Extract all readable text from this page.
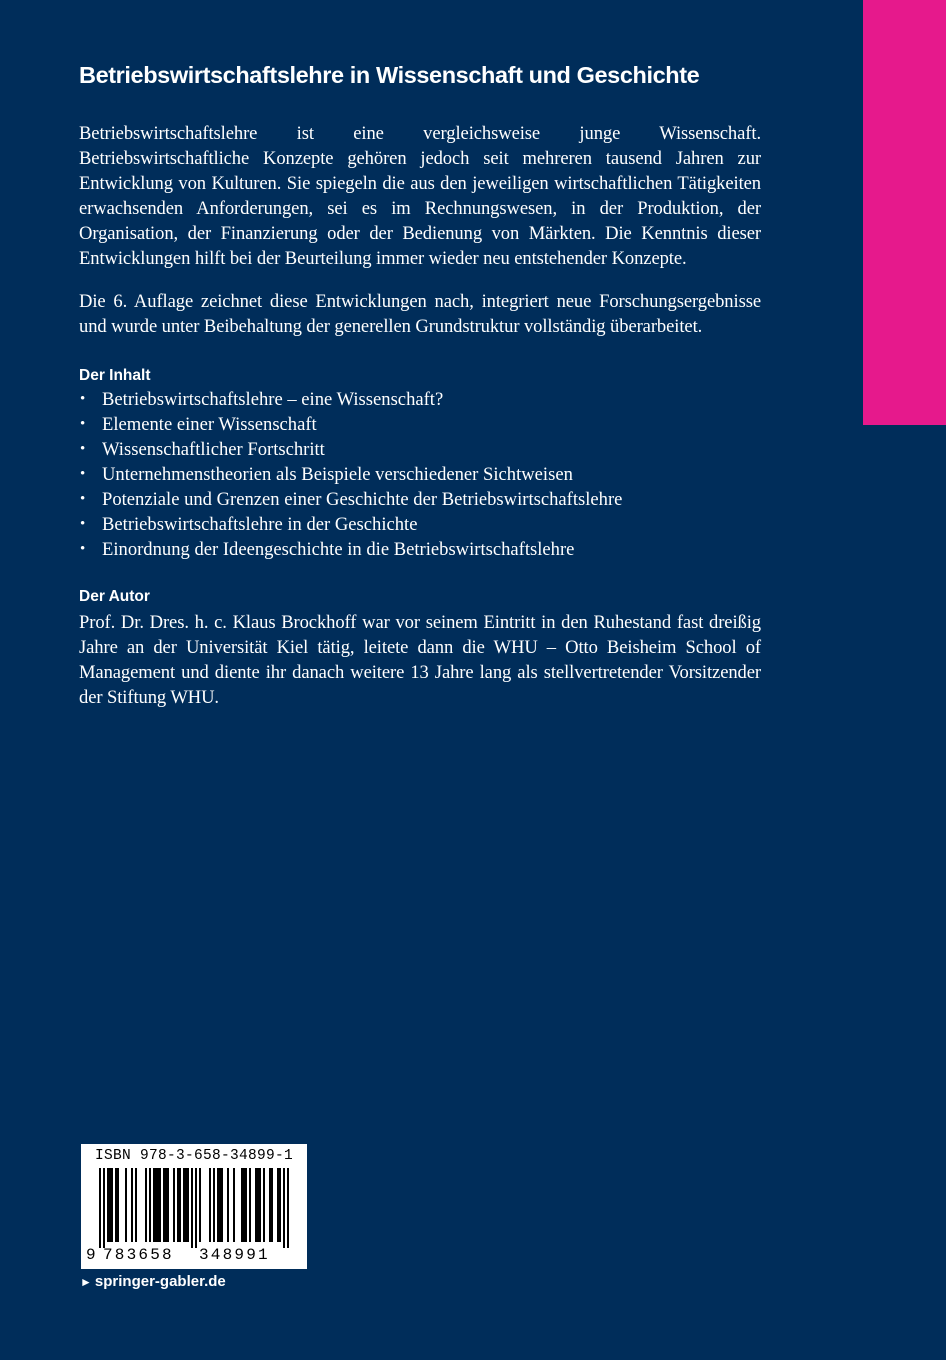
Betriebswirtschaftslehre in Wissenschaft und Geschichte

Betriebswirtschaftslehre ist eine vergleichsweise junge Wissenschaft. Betriebswirtschaftliche Konzepte gehören jedoch seit mehreren tausend Jahren zur Entwicklung von Kulturen. Sie spiegeln die aus den jeweiligen wirtschaftlichen Tätigkeiten erwachsenden Anforderungen, sei es im Rechnungswesen, in der Produktion, der Organisation, der Finanzierung oder der Bedienung von Märkten. Die Kenntnis dieser Entwicklungen hilft bei der Beurteilung immer wieder neu entstehender Konzepte.

Die 6. Auflage zeichnet diese Entwicklungen nach, integriert neue Forschungsergebnisse und wurde unter Beibehaltung der generellen Grundstruktur vollständig überarbeitet.

Der Inhalt
• Betriebswirtschaftslehre – eine Wissenschaft?
• Elemente einer Wissenschaft
• Wissenschaftlicher Fortschritt
• Unternehmenstheorien als Beispiele verschiedener Sichtweisen
• Potenziale und Grenzen einer Geschichte der Betriebswirtschaftslehre
• Betriebswirtschaftslehre in der Geschichte
• Einordnung der Ideengeschichte in die Betriebswirtschaftslehre
Der Autor

Prof. Dr. Dres. h. c. Klaus Brockhoff war vor seinem Eintritt in den Ruhestand fast dreißig Jahre an der Universität Kiel tätig, leitete dann die WHU – Otto Beisheim School of Management und diente ihr danach weitere 13 Jahre lang als stellvertretender Vorsitzender der Stiftung WHU.

ISBN 978-3-658-34899-1
9 783658 348991
► springer-gabler.de
